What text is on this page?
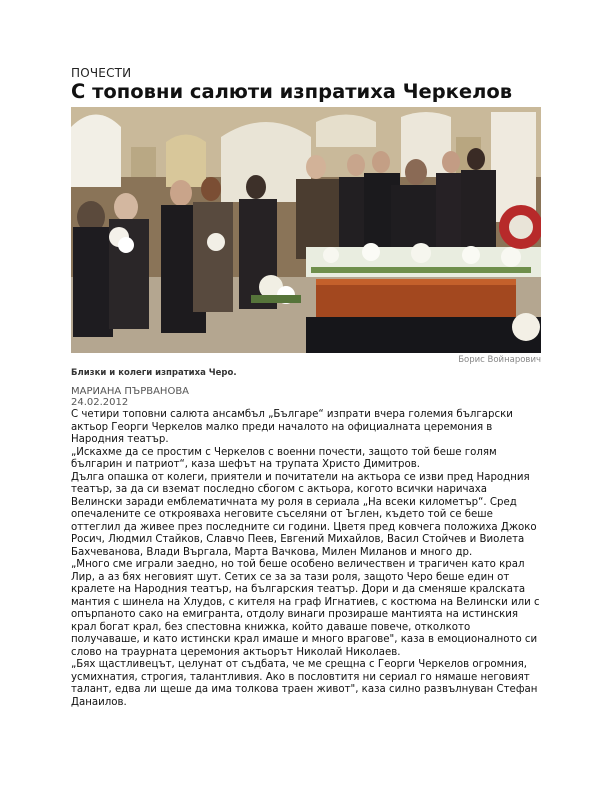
ПОЧЕСТИ
С топовни салюти изпратиха Черкелов
Борис Войнарович
Близки и колеги изпратиха Черо.
МАРИАНА ПЪРВАНОВА
24.02.2012

С четири топовни салюта ансамбъл „Българе“ изпрати вчера големия български актьор Георги Черкелов малко преди началото на официалната церемония в Народния театър.

„Искахме да се простим с Черкелов с военни почести, защото той беше голям българин и патриот“, каза шефът на трупата Христо Димитров.

Дълга опашка от колеги, приятели и почитатели на актьора се изви пред Народния театър, за да си вземат последно сбогом с актьора, когото всички наричаха Велински заради емблематичната му роля в сериала „На всеки километър“. Сред опечалените се открояваха неговите съселяни от Ъглен, където той се беше оттеглил да живее през последните си години. Цветя пред ковчега положиха Джоко Росич, Людмил Стайков, Славчо Пеев, Евгений Михайлов, Васил Стойчев и Виолета Бахчеванова, Влади Въргала, Марта Вачкова, Милен Миланов и много др.

„Много сме играли заедно, но той беше особено величествен и трагичен като крал Лир, а аз бях неговият шут. Сетих се за за тази роля, защото Черо беше един от кралете на Народния театър, на българския театър. Дори и да сменяше кралската мантия с шинела на Хлудов, с кителя на граф Игнатиев, с костюма на Велински или с опърпаното сако на емигранта, отдолу винаги прозираше мантията на истинския крал богат крал, без спестовна книжка, който даваше повече, отколкото получаваше, и като истински крал имаше и много врагове", каза в емоционалното си слово на траурната церемония актьорът Николай Николаев.

„Бях щастливецът, целунат от съдбата, че ме срещна с Георги Черкелов огромния, усмихнатия, строгия, талантливия. Ако в пословтитя ни сериал го нямаше неговият талант, едва ли щеше да има толкова траен живот", каза силно развълнуван Стефан Данаилов.
